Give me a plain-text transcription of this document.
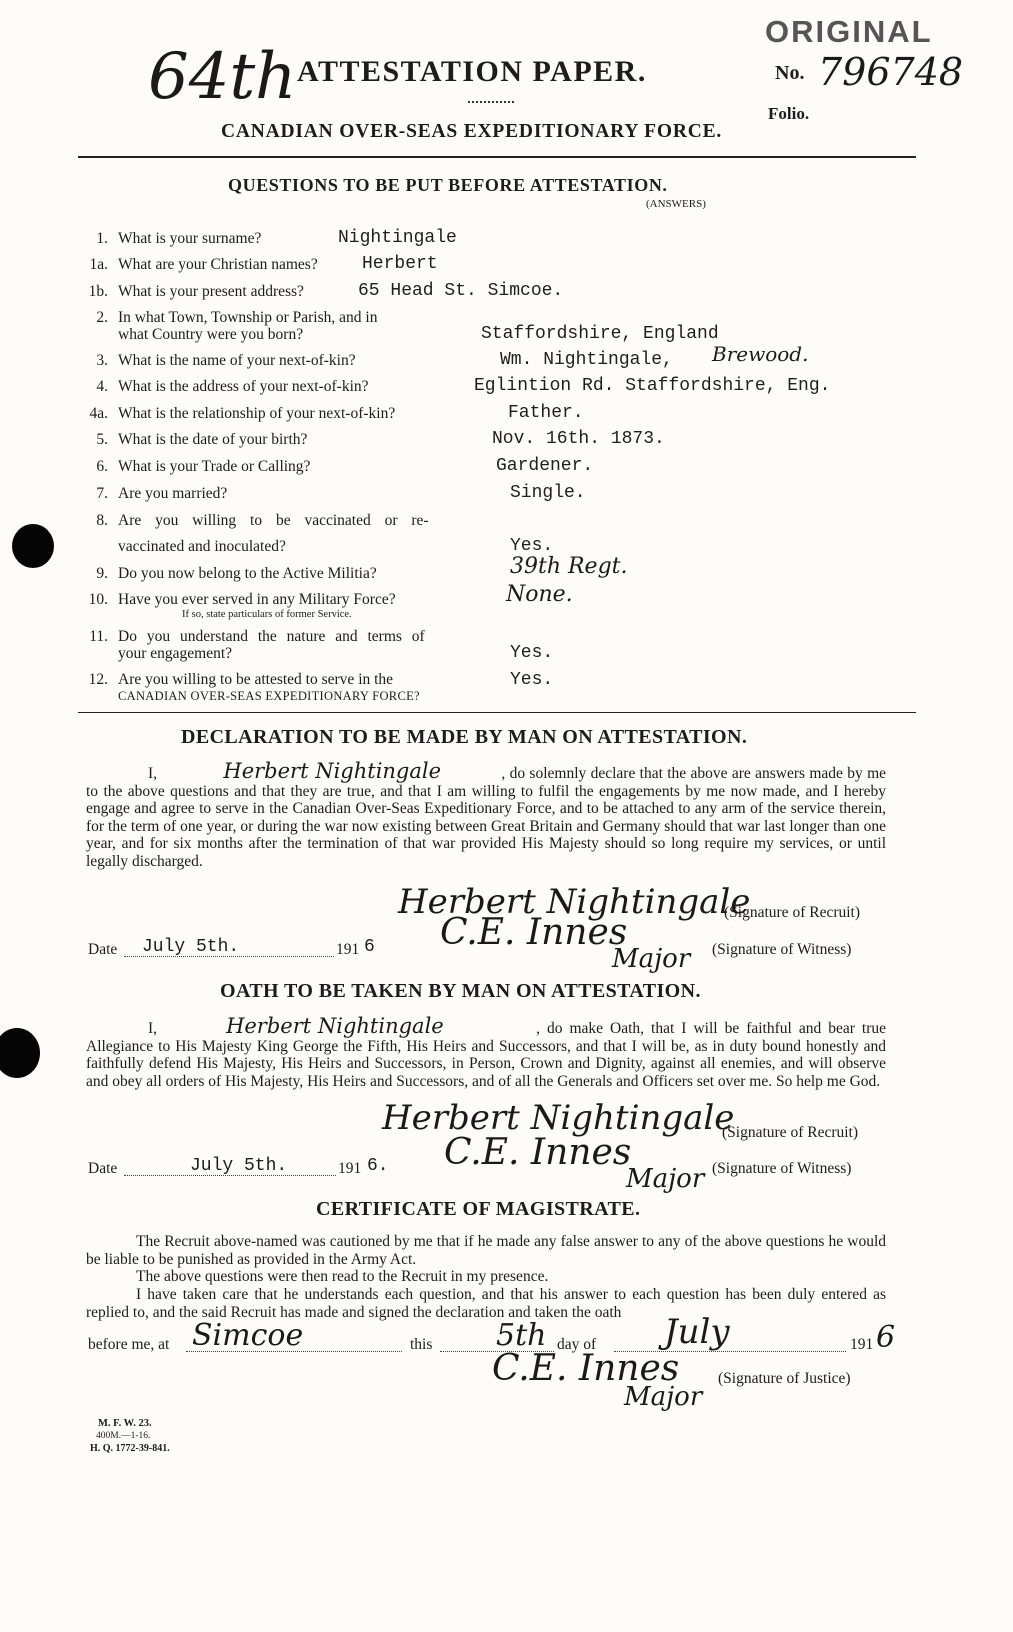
64th ATTESTATION PAPER.
ORIGINAL
No. 796748
Folio.
CANADIAN OVER-SEAS EXPEDITIONARY FORCE.
QUESTIONS TO BE PUT BEFORE ATTESTATION.
(ANSWERS)
1. What is your surname?	Nightingale
1a. What are your Christian names? Herbert
1b. What is your present address?	65 Head St. Simcoe.
2. In what Town, Township or Parish, and in
what Country were you born?	Staffordshire, England
3. What is the name of your next-of-kin?	Wm. Nightingale, Brewood.
4. What is the address of your next-of-kin?	Eglintion Rd. Staffordshire, Eng.
4a. What is the relationship of your next-of-kin?	Father.
5. What is the date of your birth?	Nov. 16th. 1873.
6. What is your Trade or Calling?	Gardener.
7. Are you married?	Single.
8. Are you willing to be vaccinated or re-
vaccinated and inoculated?	Yes.
9. Do you now belong to the Active Militia?	39th Regt.
10. Have you ever served in any Military Force?
If so, state particulars of former Service.
None.
11. Do you understand the nature and terms of
your engagement?	Yes.
12. Are you willing to be attested to serve in the
CANADIAN OVER-SEAS EXPEDITIONARY FORCE?
Yes.
DECLARATION TO BE MADE BY MAN ON ATTESTATION.
I,	Herbert Nightingale	, do solemnly declare that the above are answers made by me to the above questions and that they are true, and that I am willing to fulfil the engagements by me now made, and I hereby engage and agree to serve in the Canadian Over-Seas Expeditionary Force, and to be attached to any arm of the service therein, for the term of one year, or during the war now existing between Great Britain and Germany should that war last longer than one year, and for six months after the termination of that war provided His Majesty should so long require my services, or until legally discharged.
Herbert Nightingale
(Signature of Recruit)
Date July 5th.	191 6 C.E. Innes
Major (Signature of Witness)
OATH TO BE TAKEN BY MAN ON ATTESTATION.
I,	Herbert Nightingale	, do make Oath, that I will be faithful and bear true Allegiance to His Majesty King George the Fifth, His Heirs and Successors, and that I will be, as in duty bound honestly and faithfully defend His Majesty, His Heirs and Successors, in Person, Crown and Dignity, against all enemies, and will observe and obey all orders of His Majesty, His Heirs and Successors, and of all the Generals and Officers set over me. So help me God.
Herbert Nightingale
(Signature of Recruit)
Date	July 5th.	191 6. C.E. Innes
Major (Signature of Witness)
CERTIFICATE OF MAGISTRATE.
The Recruit above-named was cautioned by me that if he made any false answer to any of the above questions he would be liable to be punished as provided in the Army Act.
The above questions were then read to the Recruit in my presence.
I have taken care that he understands each question, and that his answer to each question has been duly entered as replied to, and the said Recruit has made and signed the declaration and taken the oath
before me, at Simcoe	this 5th day of July	191 6
C.E. Innes
Major
(Signature of Justice)
M. F. W. 23.
400M.—1-16.
H. Q. 1772-39-841.
